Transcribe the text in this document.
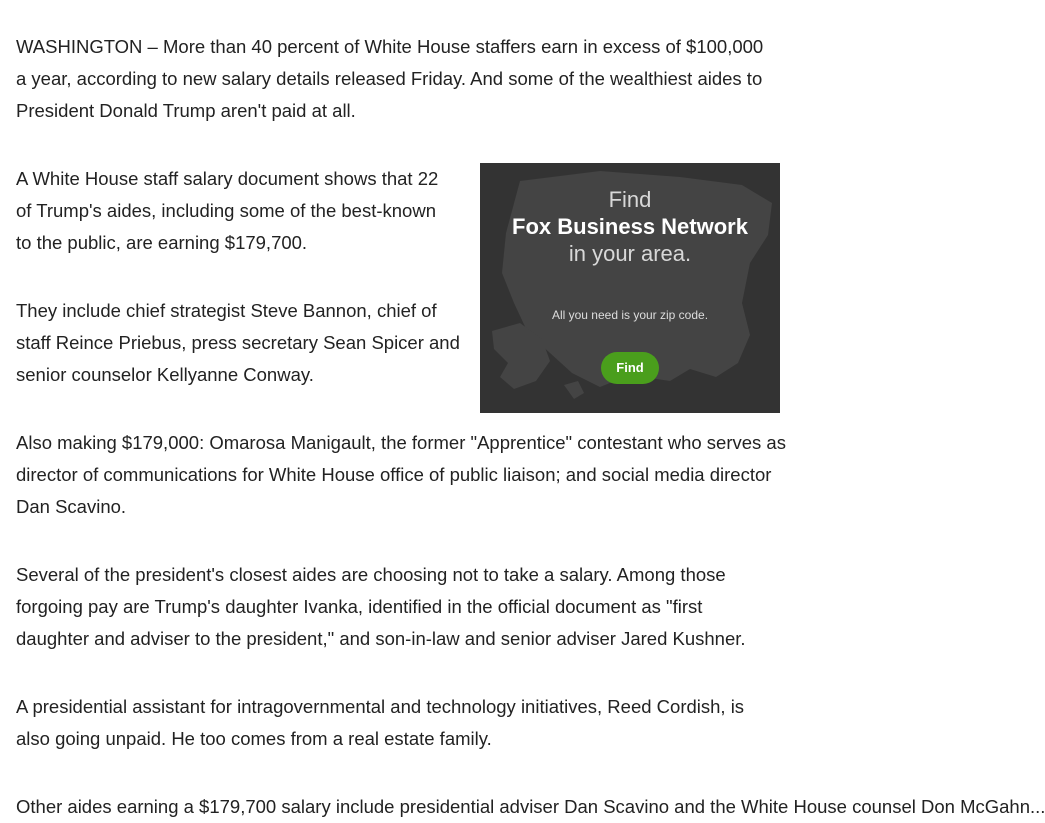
WASHINGTON – More than 40 percent of White House staffers earn in excess of $100,000 a year, according to new salary details released Friday. And some of the wealthiest aides to President Donald Trump aren't paid at all.

A White House staff salary document shows that 22 of Trump's aides, including some of the best-known to the public, are earning $179,700.

Find
Fox Business Network
in your area.
All you need is your zip code.
Find

They include chief strategist Steve Bannon, chief of staff Reince Priebus, press secretary Sean Spicer and senior counselor Kellyanne Conway.

Also making $179,000: Omarosa Manigault, the former "Apprentice" contestant who serves as director of communications for White House office of public liaison; and social media director Dan Scavino.

Several of the president's closest aides are choosing not to take a salary. Among those forgoing pay are Trump's daughter Ivanka, identified in the official document as "first daughter and adviser to the president," and son-in-law and senior adviser Jared Kushner.

A presidential assistant for intragovernmental and technology initiatives, Reed Cordish, is also going unpaid. He too comes from a real estate family.

Other aides earning a $179,700 salary include presidential adviser Dan Scavino and the White House counsel Don McGahn...
